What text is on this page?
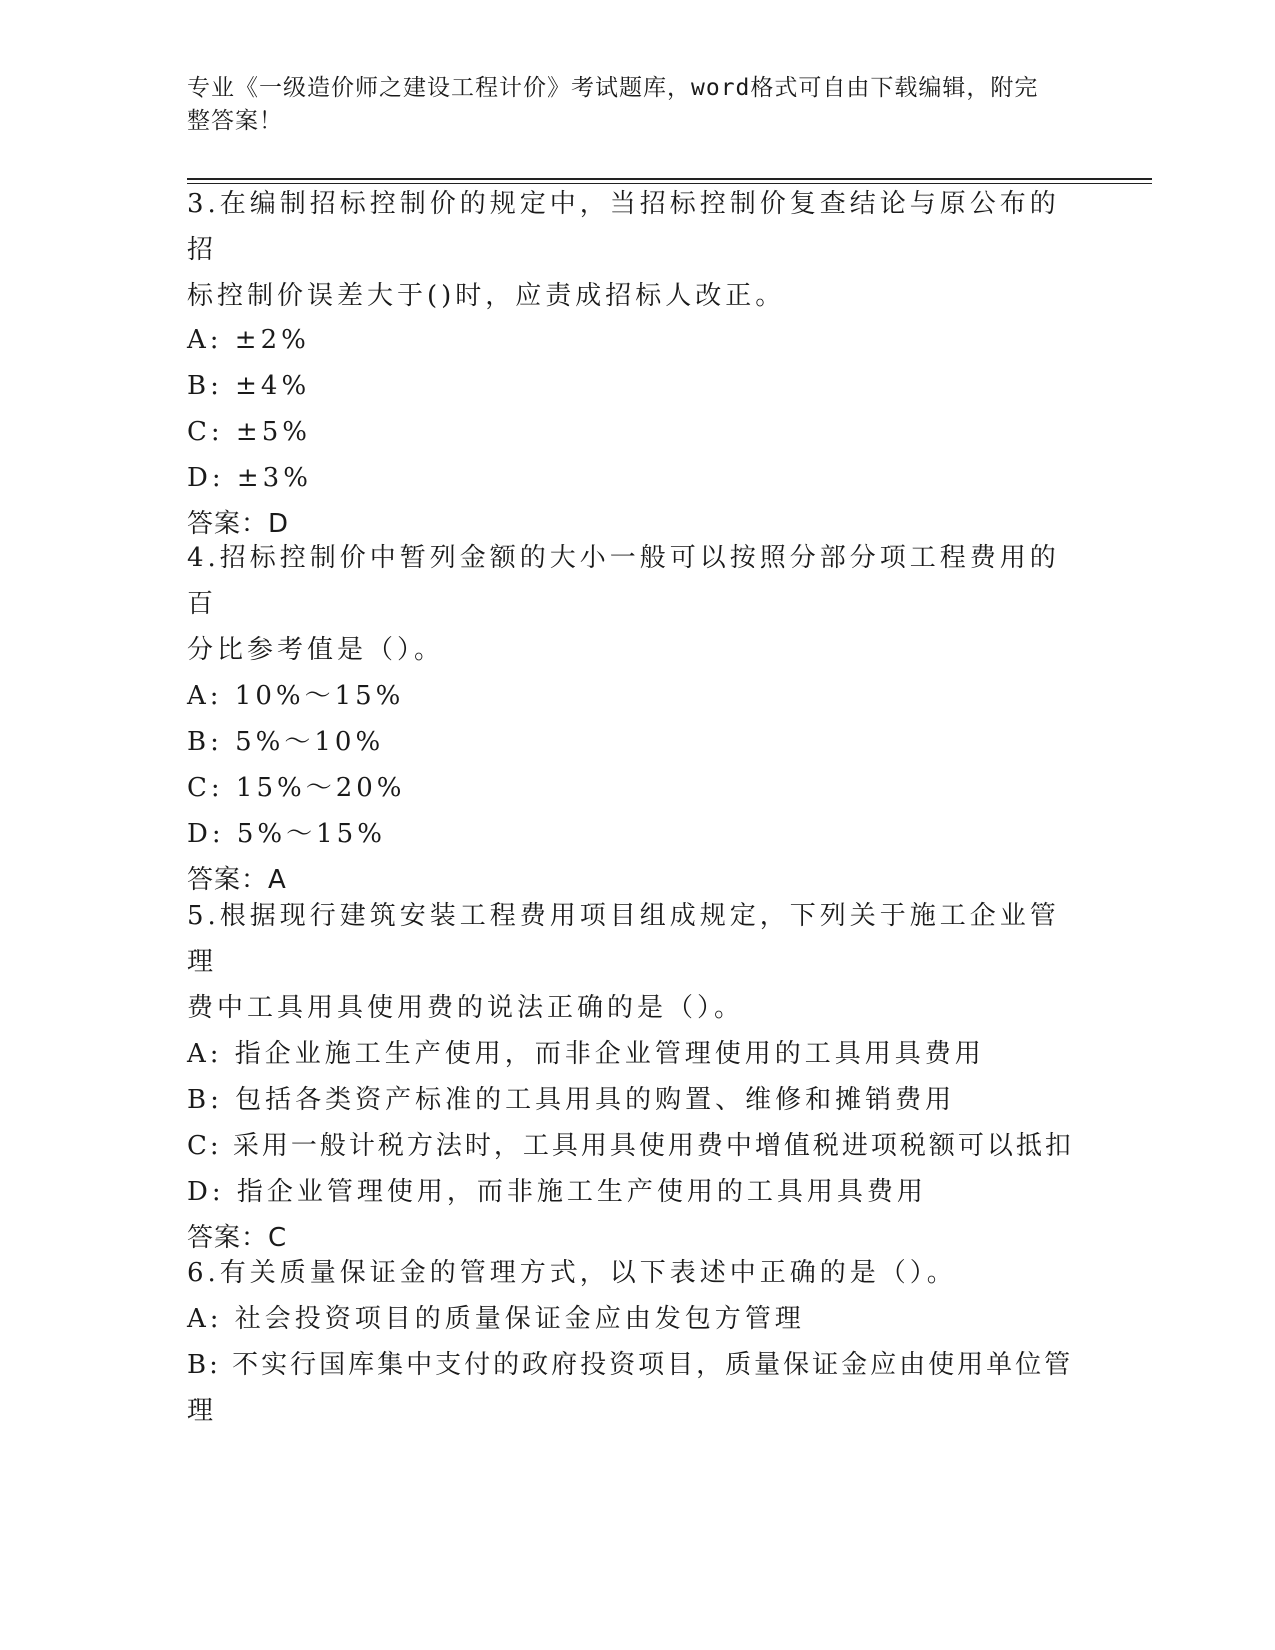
专业《一级造价师之建设工程计价》考试题库，word格式可自由下载编辑，附完
整答案！

3.在编制招标控制价的规定中，当招标控制价复查结论与原公布的招

标控制价误差大于()时，应责成招标人改正。

A: ±2%

B: ±4%

C: ±5%

D: ±3%

答案：D

4.招标控制价中暂列金额的大小一般可以按照分部分项工程费用的百

分比参考值是（）。

A: 10%～15%

B: 5%～10%

C: 15%～20%

D: 5%～15%

答案：A

5.根据现行建筑安装工程费用项目组成规定，下列关于施工企业管理

费中工具用具使用费的说法正确的是（）。

A: 指企业施工生产使用，而非企业管理使用的工具用具费用

B: 包括各类资产标准的工具用具的购置、维修和摊销费用

C: 采用一般计税方法时，工具用具使用费中增值税进项税额可以抵扣

D: 指企业管理使用，而非施工生产使用的工具用具费用

答案：C

6.有关质量保证金的管理方式，以下表述中正确的是（）。

A: 社会投资项目的质量保证金应由发包方管理

B: 不实行国库集中支付的政府投资项目，质量保证金应由使用单位管

理
